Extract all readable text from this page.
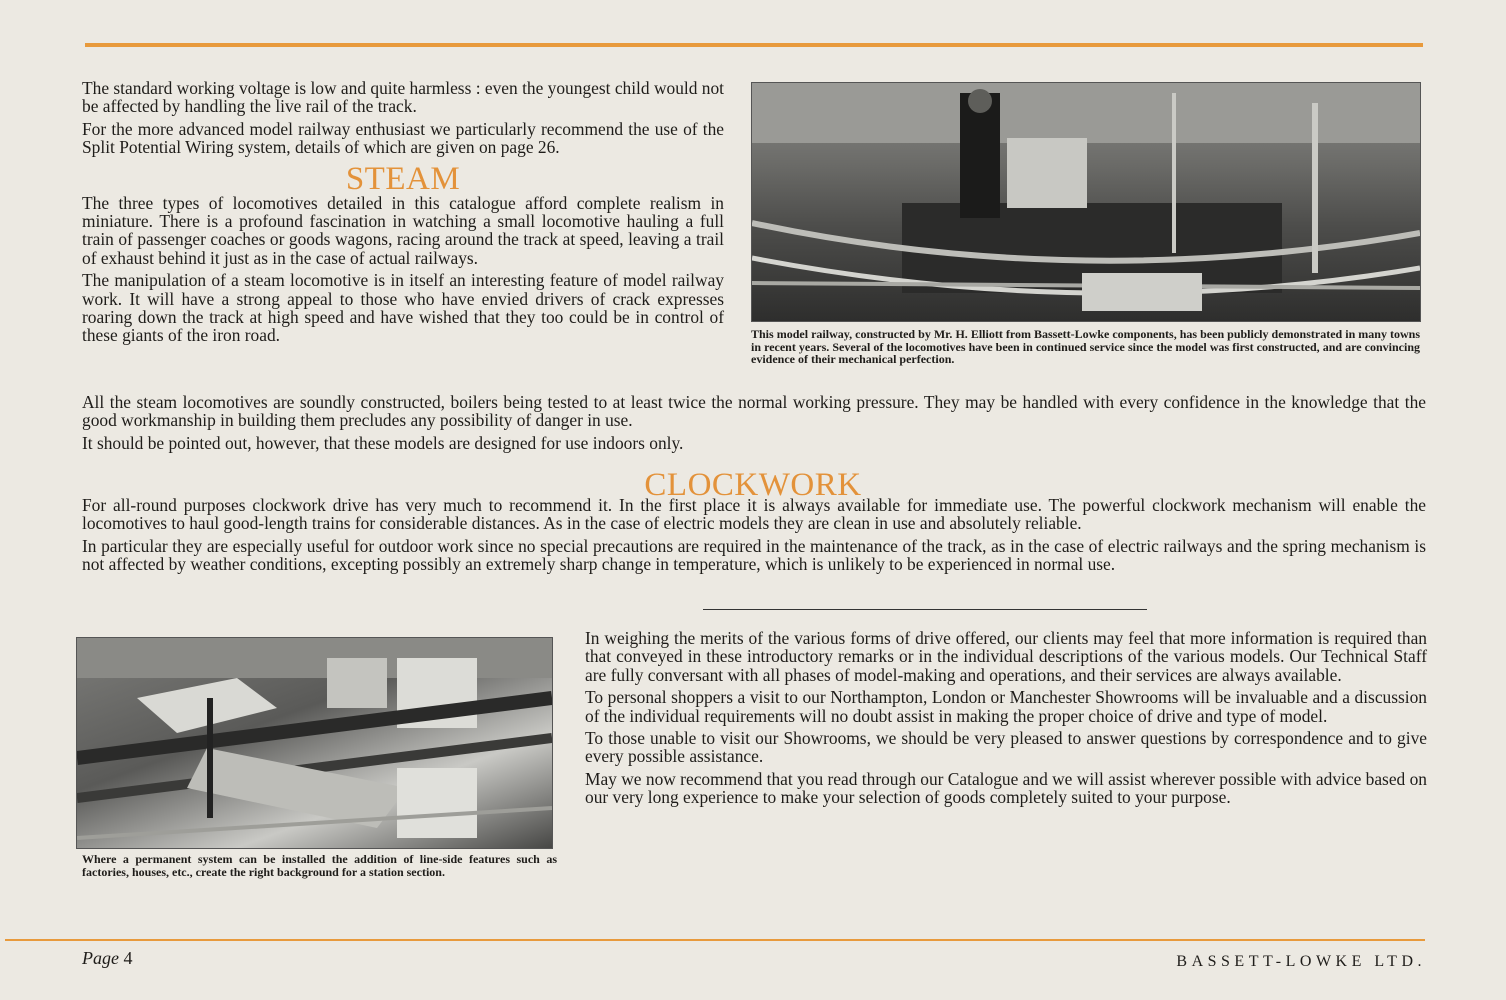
The standard working voltage is low and quite harmless : even the youngest child would not be affected by handling the live rail of the track.

For the more advanced model railway enthusiast we particularly recommend the use of the Split Potential Wiring system, details of which are given on page 26.

STEAM

The three types of locomotives detailed in this catalogue afford complete realism in miniature. There is a profound fascination in watching a small locomotive hauling a full train of passenger coaches or goods wagons, racing around the track at speed, leaving a trail of exhaust behind it just as in the case of actual railways.

The manipulation of a steam locomotive is in itself an interesting feature of model railway work. It will have a strong appeal to those who have envied drivers of crack expresses roaring down the track at high speed and have wished that they too could be in control of these giants of the iron road.	This model railway, constructed by Mr. H. Elliott from Bassett-Lowke components, has been publicly demonstrated in many towns in recent years. Several of the locomotives have been in continued service since the model was first constructed, and are convincing evidence of their mechanical perfection.

All the steam locomotives are soundly constructed, boilers being tested to at least twice the normal working pressure. They may be handled with every confidence in the knowledge that the good workmanship in building them precludes any possibility of danger in use.

It should be pointed out, however, that these models are designed for use indoors only.

CLOCKWORK

For all-round purposes clockwork drive has very much to recommend it. In the first place it is always available for immediate use. The powerful clockwork mechanism will enable the locomotives to haul good-length trains for considerable distances. As in the case of electric models they are clean in use and absolutely reliable.

In particular they are especially useful for outdoor work since no special precautions are required in the maintenance of the track, as in the case of electric railways and the spring mechanism is not affected by weather conditions, excepting possibly an extremely sharp change in temperature, which is unlikely to be experienced in normal use.

Where a permanent system can be installed the addition of line-side features such as factories, houses, etc., create the right background for a station section.

In weighing the merits of the various forms of drive offered, our clients may feel that more information is required than that conveyed in these introductory remarks or in the individual descriptions of the various models. Our Technical Staff are fully conversant with all phases of model-making and operations, and their services are always available.

To personal shoppers a visit to our Northampton, London or Manchester Showrooms will be invaluable and a discussion of the individual requirements will no doubt assist in making the proper choice of drive and type of model.

To those unable to visit our Showrooms, we should be very pleased to answer questions by correspondence and to give every possible assistance.

May we now recommend that you read through our Catalogue and we will assist wherever possible with advice based on our very long experience to make your selection of goods completely suited to your purpose.

Page 4	BASSETT-LOWKE LTD.
